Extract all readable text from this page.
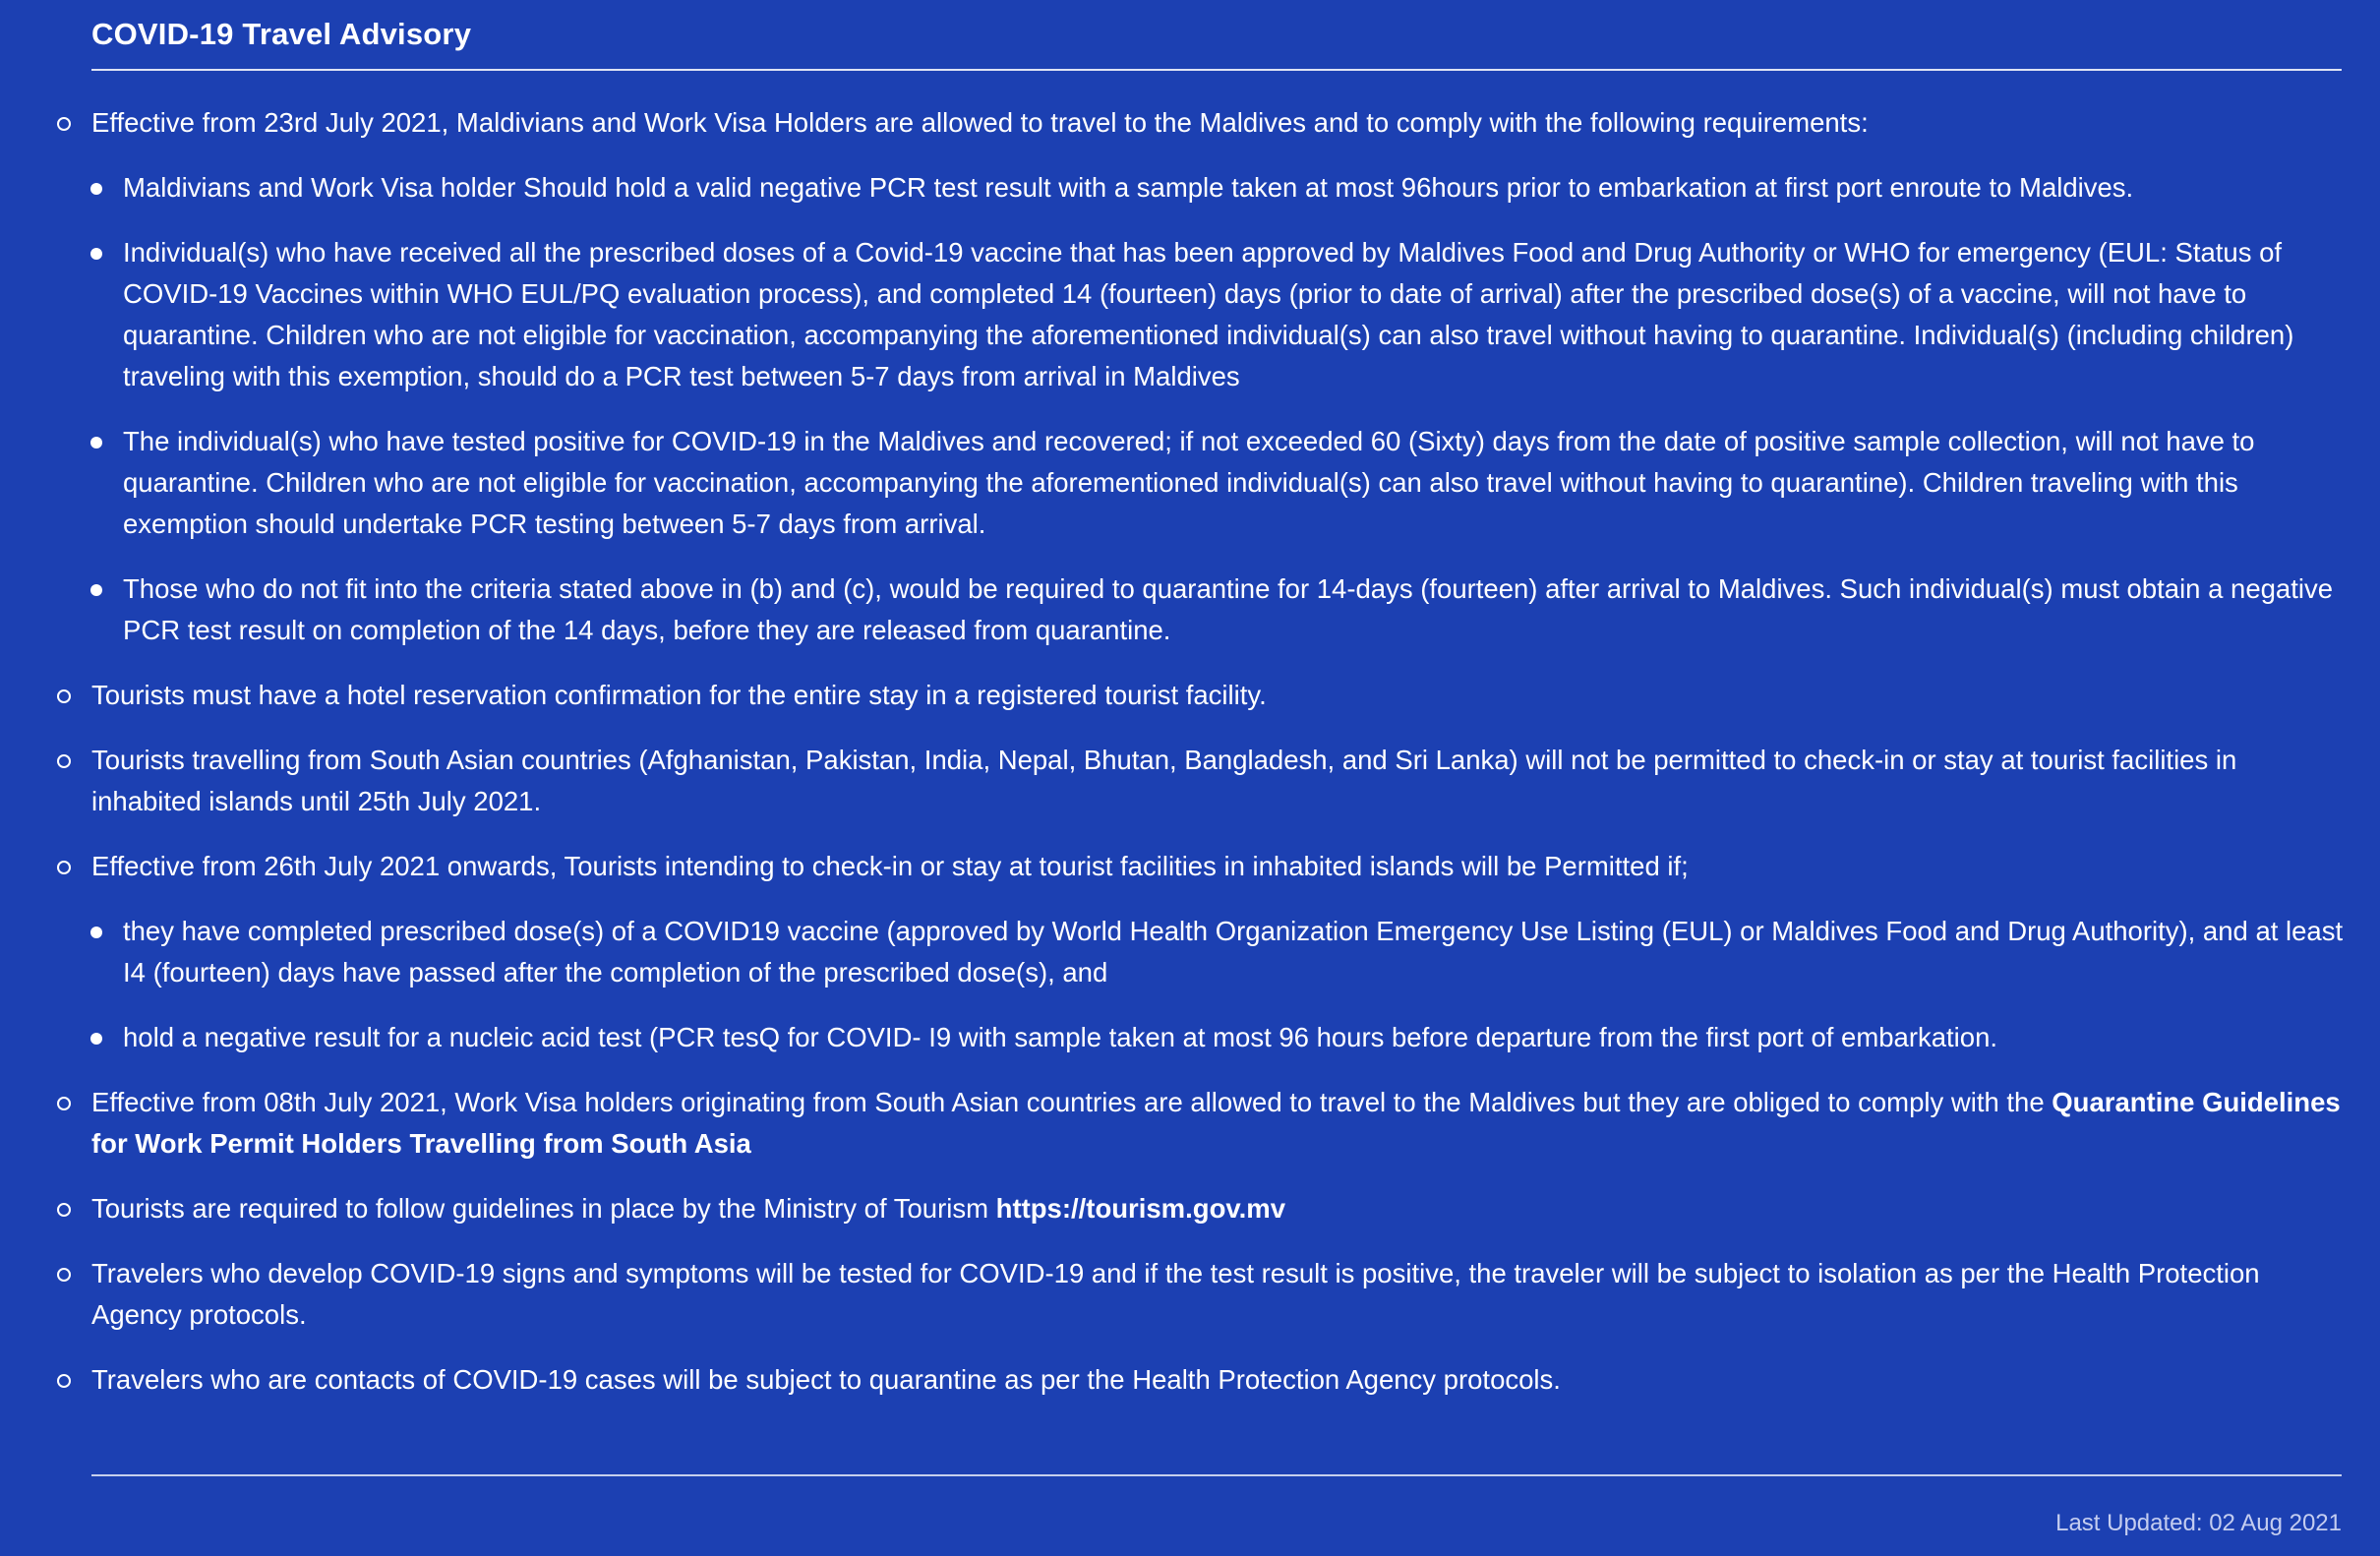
COVID-19 Travel Advisory
Effective from 23rd July 2021, Maldivians and Work Visa Holders are allowed to travel to the Maldives and to comply with the following requirements:
Maldivians and Work Visa holder Should hold a valid negative PCR test result with a sample taken at most 96hours prior to embarkation at first port enroute to Maldives.
Individual(s) who have received all the prescribed doses of a Covid-19 vaccine that has been approved by Maldives Food and Drug Authority or WHO for emergency (EUL: Status of COVID-19 Vaccines within WHO EUL/PQ evaluation process), and completed 14 (fourteen) days (prior to date of arrival) after the prescribed dose(s) of a vaccine, will not have to quarantine. Children who are not eligible for vaccination, accompanying the aforementioned individual(s) can also travel without having to quarantine. Individual(s) (including children) traveling with this exemption, should do a PCR test between 5-7 days from arrival in Maldives
The individual(s) who have tested positive for COVID-19 in the Maldives and recovered; if not exceeded 60 (Sixty) days from the date of positive sample collection, will not have to quarantine. Children who are not eligible for vaccination, accompanying the aforementioned individual(s) can also travel without having to quarantine). Children traveling with this exemption should undertake PCR testing between 5-7 days from arrival.
Those who do not fit into the criteria stated above in (b) and (c), would be required to quarantine for 14-days (fourteen) after arrival to Maldives. Such individual(s) must obtain a negative PCR test result on completion of the 14 days, before they are released from quarantine.
Tourists must have a hotel reservation confirmation for the entire stay in a registered tourist facility.
Tourists travelling from South Asian countries (Afghanistan, Pakistan, India, Nepal, Bhutan, Bangladesh, and Sri Lanka) will not be permitted to check-in or stay at tourist facilities in inhabited islands until 25th July 2021.
Effective from 26th July 2021 onwards, Tourists intending to check-in or stay at tourist facilities in inhabited islands will be Permitted if;
they have completed prescribed dose(s) of a COVID19 vaccine (approved by World Health Organization Emergency Use Listing (EUL) or Maldives Food and Drug Authority), and at least I4 (fourteen) days have passed after the completion of the prescribed dose(s), and
hold a negative result for a nucleic acid test (PCR tesQ for COVID- I9 with sample taken at most 96 hours before departure from the first port of embarkation.
Effective from 08th July 2021, Work Visa holders originating from South Asian countries are allowed to travel to the Maldives but they are obliged to comply with the Quarantine Guidelines for Work Permit Holders Travelling from South Asia
Tourists are required to follow guidelines in place by the Ministry of Tourism https://tourism.gov.mv
Travelers who develop COVID-19 signs and symptoms will be tested for COVID-19 and if the test result is positive, the traveler will be subject to isolation as per the Health Protection Agency protocols.
Travelers who are contacts of COVID-19 cases will be subject to quarantine as per the Health Protection Agency protocols.
Last Updated: 02 Aug 2021
